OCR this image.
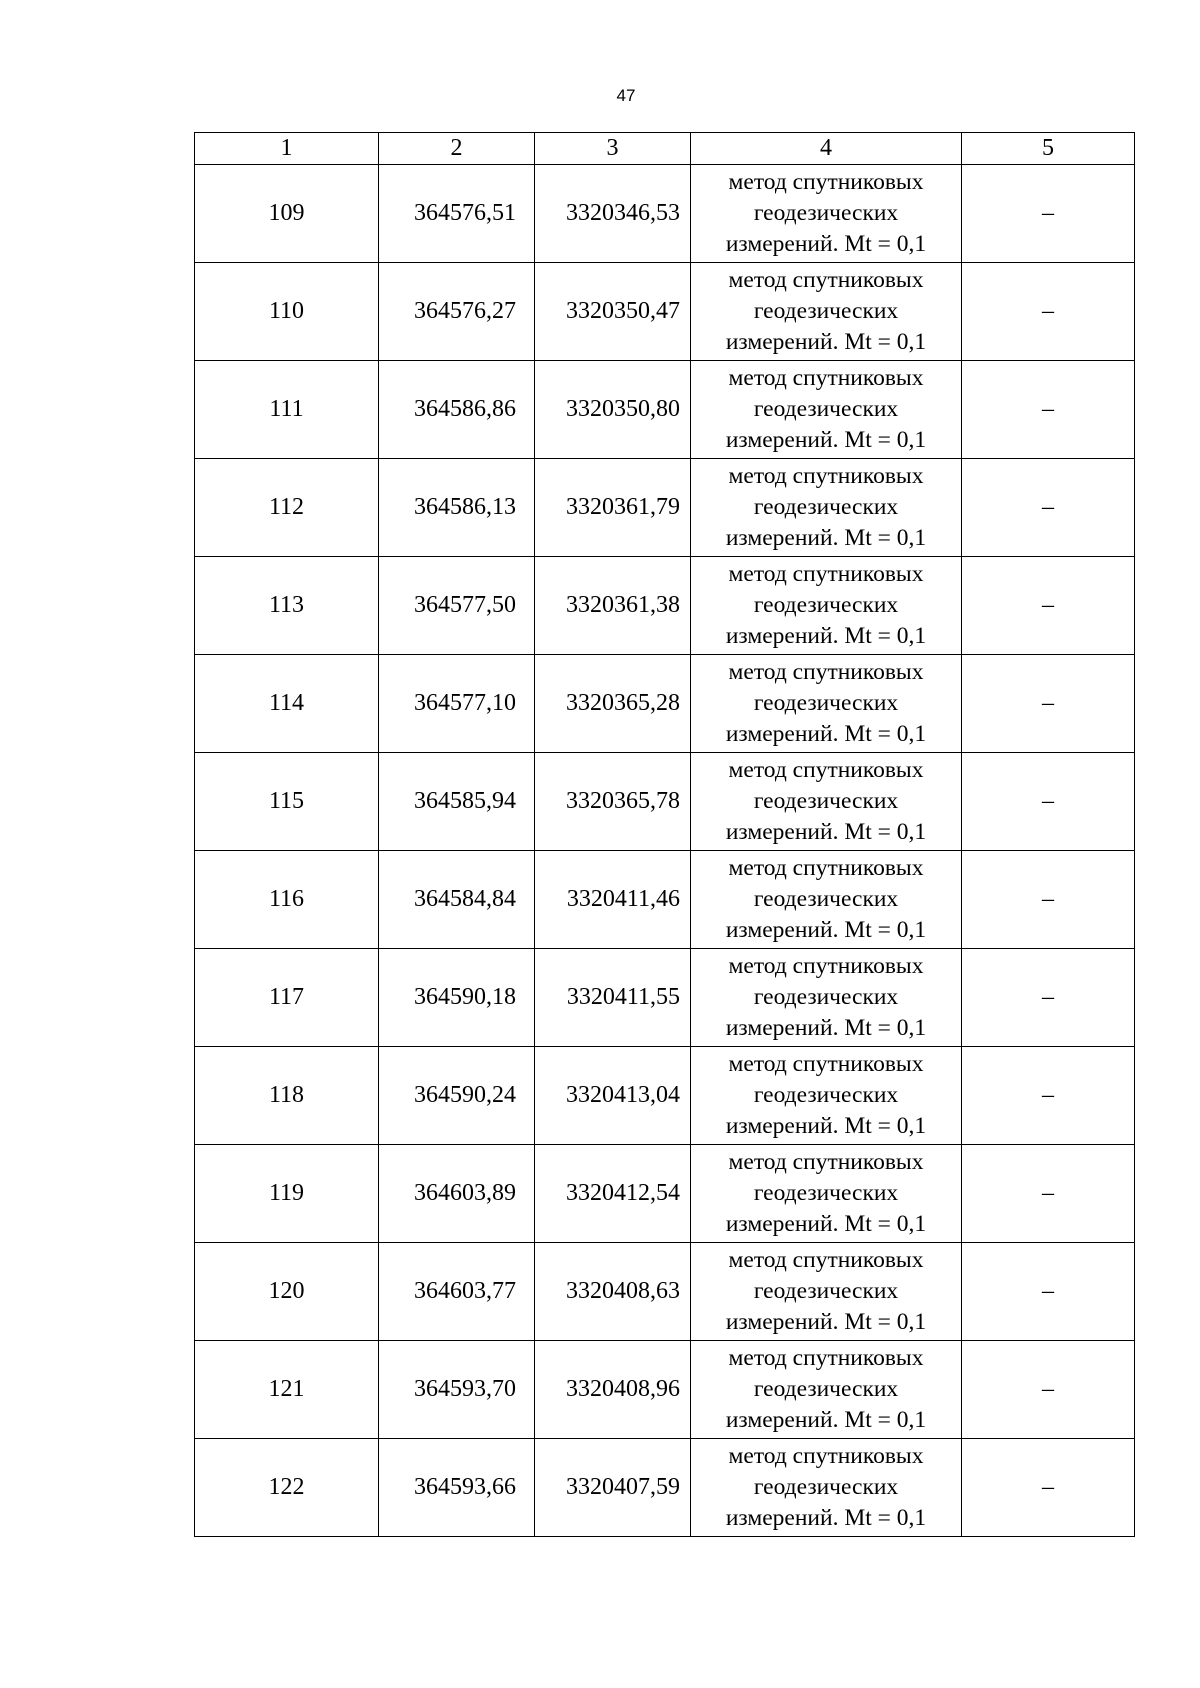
47
1	2	3	4	5
109	364576,51	3320346,53	метод спутниковых
геодезических
измерений. Mt = 0,1	–
110	364576,27	3320350,47	метод спутниковых
геодезических
измерений. Mt = 0,1	–
111	364586,86	3320350,80	метод спутниковых
геодезических
измерений. Mt = 0,1	–
112	364586,13	3320361,79	метод спутниковых
геодезических
измерений. Mt = 0,1	–
113	364577,50	3320361,38	метод спутниковых
геодезических
измерений. Mt = 0,1	–
114	364577,10	3320365,28	метод спутниковых
геодезических
измерений. Mt = 0,1	–
115	364585,94	3320365,78	метод спутниковых
геодезических
измерений. Mt = 0,1	–
116	364584,84	3320411,46	метод спутниковых
геодезических
измерений. Mt = 0,1	–
117	364590,18	3320411,55	метод спутниковых
геодезических
измерений. Mt = 0,1	–
118	364590,24	3320413,04	метод спутниковых
геодезических
измерений. Mt = 0,1	–
119	364603,89	3320412,54	метод спутниковых
геодезических
измерений. Mt = 0,1	–
120	364603,77	3320408,63	метод спутниковых
геодезических
измерений. Mt = 0,1	–
121	364593,70	3320408,96	метод спутниковых
геодезических
измерений. Mt = 0,1	–
122	364593,66	3320407,59	метод спутниковых
геодезических
измерений. Mt = 0,1	–
